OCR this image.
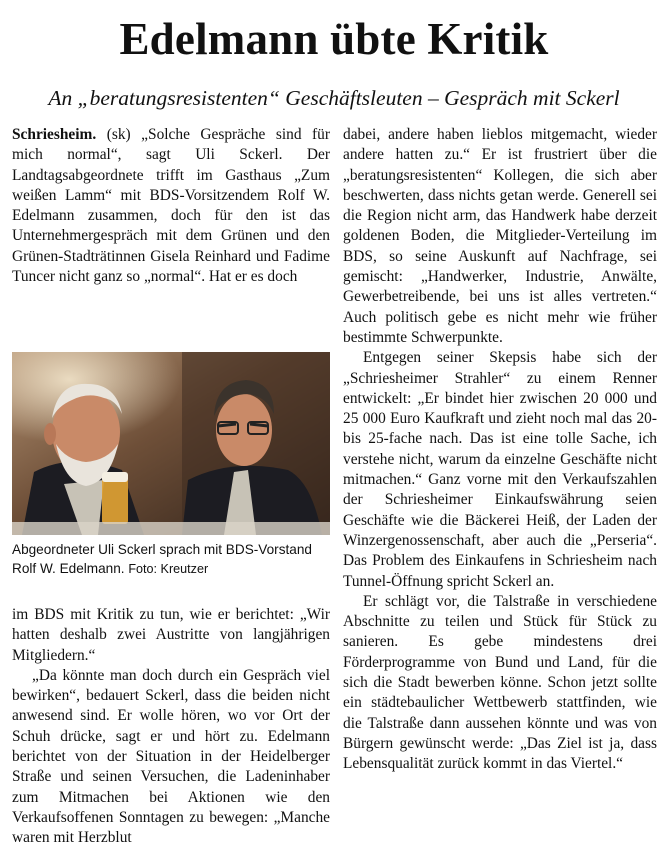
Edelmann übte Kritik
An „beratungsresistenten“ Geschäftsleuten – Gespräch mit Sckerl

Schriesheim. (sk) „Solche Gespräche sind für mich normal“, sagt Uli Sckerl. Der Landtagsabgeordnete trifft im Gasthaus „Zum weißen Lamm“ mit BDS-Vorsitzendem Rolf W. Edelmann zusammen, doch für den ist das Unternehmergespräch mit dem Grünen und den Grünen-Stadträtinnen Gisela Reinhard und Fadime Tuncer nicht ganz so „normal“. Hat er es doch

Abgeordneter Uli Sckerl sprach mit BDS-Vorstand Rolf W. Edelmann. Foto: Kreutzer

im BDS mit Kritik zu tun, wie er berichtet: „Wir hatten deshalb zwei Austritte von langjährigen Mitgliedern.“

„Da könnte man doch durch ein Gespräch viel bewirken“, bedauert Sckerl, dass die beiden nicht anwesend sind. Er wolle hören, wo vor Ort der Schuh drücke, sagt er und hört zu. Edelmann berichtet von der Situation in der Heidelberger Straße und seinen Versuchen, die Ladeninhaber zum Mitmachen bei Aktionen wie den Verkaufsoffenen Sonntagen zu bewegen: „Manche waren mit Herzblut

dabei, andere haben lieblos mitgemacht, wieder andere hatten zu.“ Er ist frustriert über die „beratungsresistenten“ Kollegen, die sich aber beschwerten, dass nichts getan werde. Generell sei die Region nicht arm, das Handwerk habe derzeit goldenen Boden, die Mitglieder-Verteilung im BDS, so seine Auskunft auf Nachfrage, sei gemischt: „Handwerker, Industrie, Anwälte, Gewerbetreibende, bei uns ist alles vertreten.“ Auch politisch gebe es nicht mehr wie früher bestimmte Schwerpunkte.

Entgegen seiner Skepsis habe sich der „Schriesheimer Strahler“ zu einem Renner entwickelt: „Er bindet hier zwischen 20 000 und 25 000 Euro Kaufkraft und zieht noch mal das 20- bis 25-fache nach. Das ist eine tolle Sache, ich verstehe nicht, warum da einzelne Geschäfte nicht mitmachen.“ Ganz vorne mit den Verkaufszahlen der Schriesheimer Einkaufswährung seien Geschäfte wie die Bäckerei Heiß, der Laden der Winzergenossenschaft, aber auch die „Perseria“. Das Problem des Einkaufens in Schriesheim nach Tunnel-Öffnung spricht Sckerl an.

Er schlägt vor, die Talstraße in verschiedene Abschnitte zu teilen und Stück für Stück zu sanieren. Es gebe mindestens drei Förderprogramme von Bund und Land, für die sich die Stadt bewerben könne. Schon jetzt sollte ein städtebaulicher Wettbewerb stattfinden, wie die Talstraße dann aussehen könnte und was von Bürgern gewünscht werde: „Das Ziel ist ja, dass Lebensqualität zurück kommt in das Viertel.“
